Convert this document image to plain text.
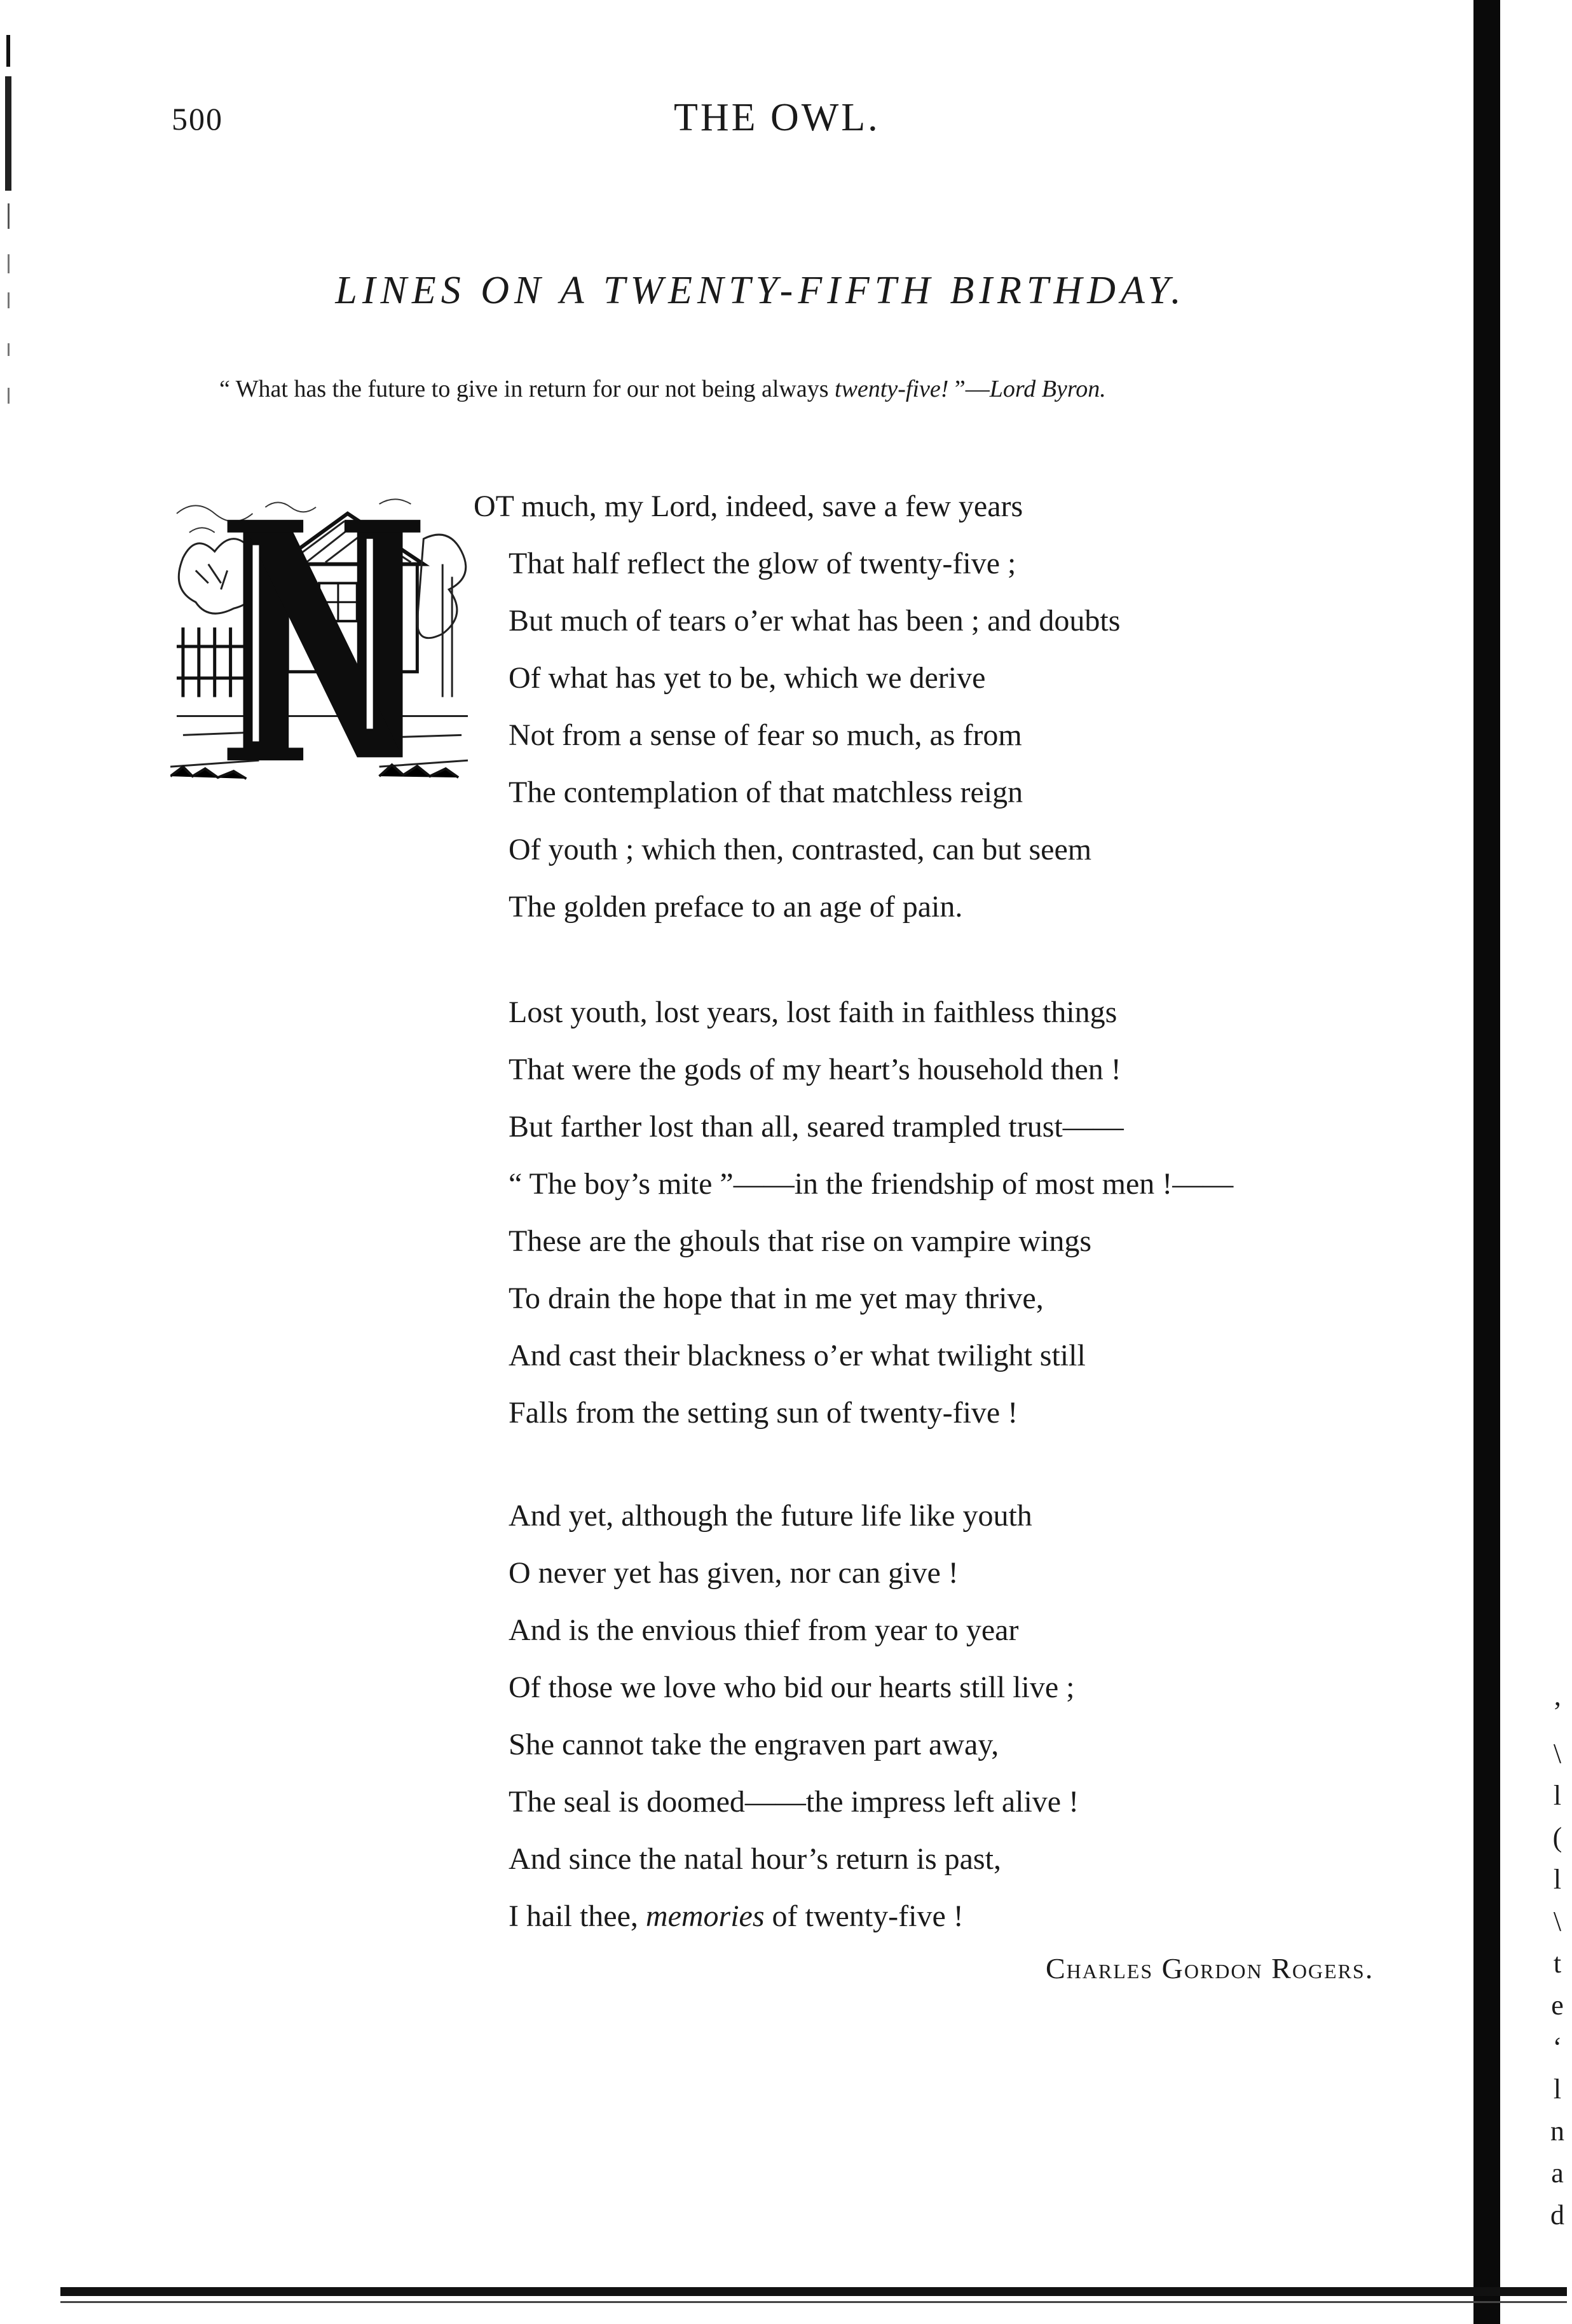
500	THE OWL.
LINES ON A TWENTY-FIFTH BIRTHDAY.
“ What has the future to give in return for our not being always twenty-five! ”—Lord Byron.
OT much, my Lord, indeed, save a few years
That half reflect the glow of twenty-five ;
But much of tears o’er what has been ; and doubts
Of what has yet to be, which we derive
Not from a sense of fear so much, as from
The contemplation of that matchless reign
Of youth ; which then, contrasted, can but seem
The golden preface to an age of pain.
Lost youth, lost years, lost faith in faithless things
That were the gods of my heart’s household then !
But farther lost than all, seared trampled trust——
“ The boy’s mite ”——in the friendship of most men !——
These are the ghouls that rise on vampire wings
To drain the hope that in me yet may thrive,
And cast their blackness o’er what twilight still
Falls from the setting sun of twenty-five !
And yet, although the future life like youth
O never yet has given, nor can give !
And is the envious thief from year to year
Of those we love who bid our hearts still live ;
She cannot take the engraven part away,
The seal is doomed——the impress left alive !
And since the natal hour’s return is past,
I hail thee, memories of twenty-five !
Charles Gordon Rogers.
’
\
l
(
l
\
t
e
‘
l
n
a
d
